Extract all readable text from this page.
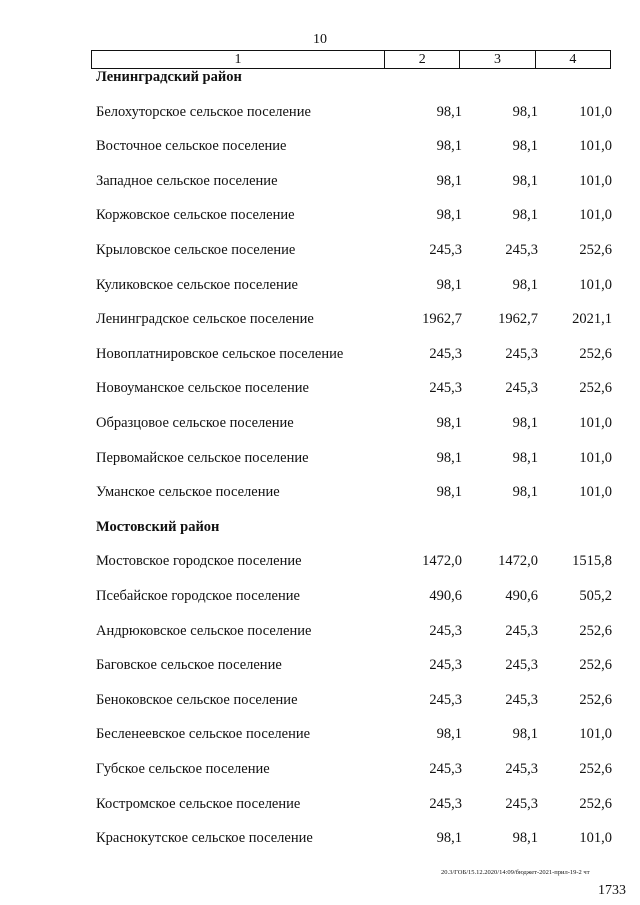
10
1	2	3	4
Ленинградский район
Белохуторское сельское поселение	98,1	98,1	101,0
Восточное сельское поселение	98,1	98,1	101,0
Западное сельское поселение	98,1	98,1	101,0
Коржовское сельское поселение	98,1	98,1	101,0
Крыловское сельское поселение	245,3	245,3	252,6
Куликовское сельское поселение	98,1	98,1	101,0
Ленинградское сельское поселение	1962,7	1962,7	2021,1
Новоплатнировское сельское поселение	245,3	245,3	252,6
Новоуманское сельское поселение	245,3	245,3	252,6
Образцовое сельское поселение	98,1	98,1	101,0
Первомайское сельское поселение	98,1	98,1	101,0
Уманское сельское поселение	98,1	98,1	101,0
Мостовский район
Мостовское городское поселение	1472,0	1472,0	1515,8
Псебайское городское поселение	490,6	490,6	505,2
Андрюковское сельское поселение	245,3	245,3	252,6
Баговское сельское поселение	245,3	245,3	252,6
Беноковское сельское поселение	245,3	245,3	252,6
Бесленеевское сельское поселение	98,1	98,1	101,0
Губское сельское поселение	245,3	245,3	252,6
Костромское сельское поселение	245,3	245,3	252,6
Краснокутское сельское поселение	98,1	98,1	101,0
20.3/ГОБ/15.12.2020/14:09/бюджет-2021-прил-19-2 чт
1733
